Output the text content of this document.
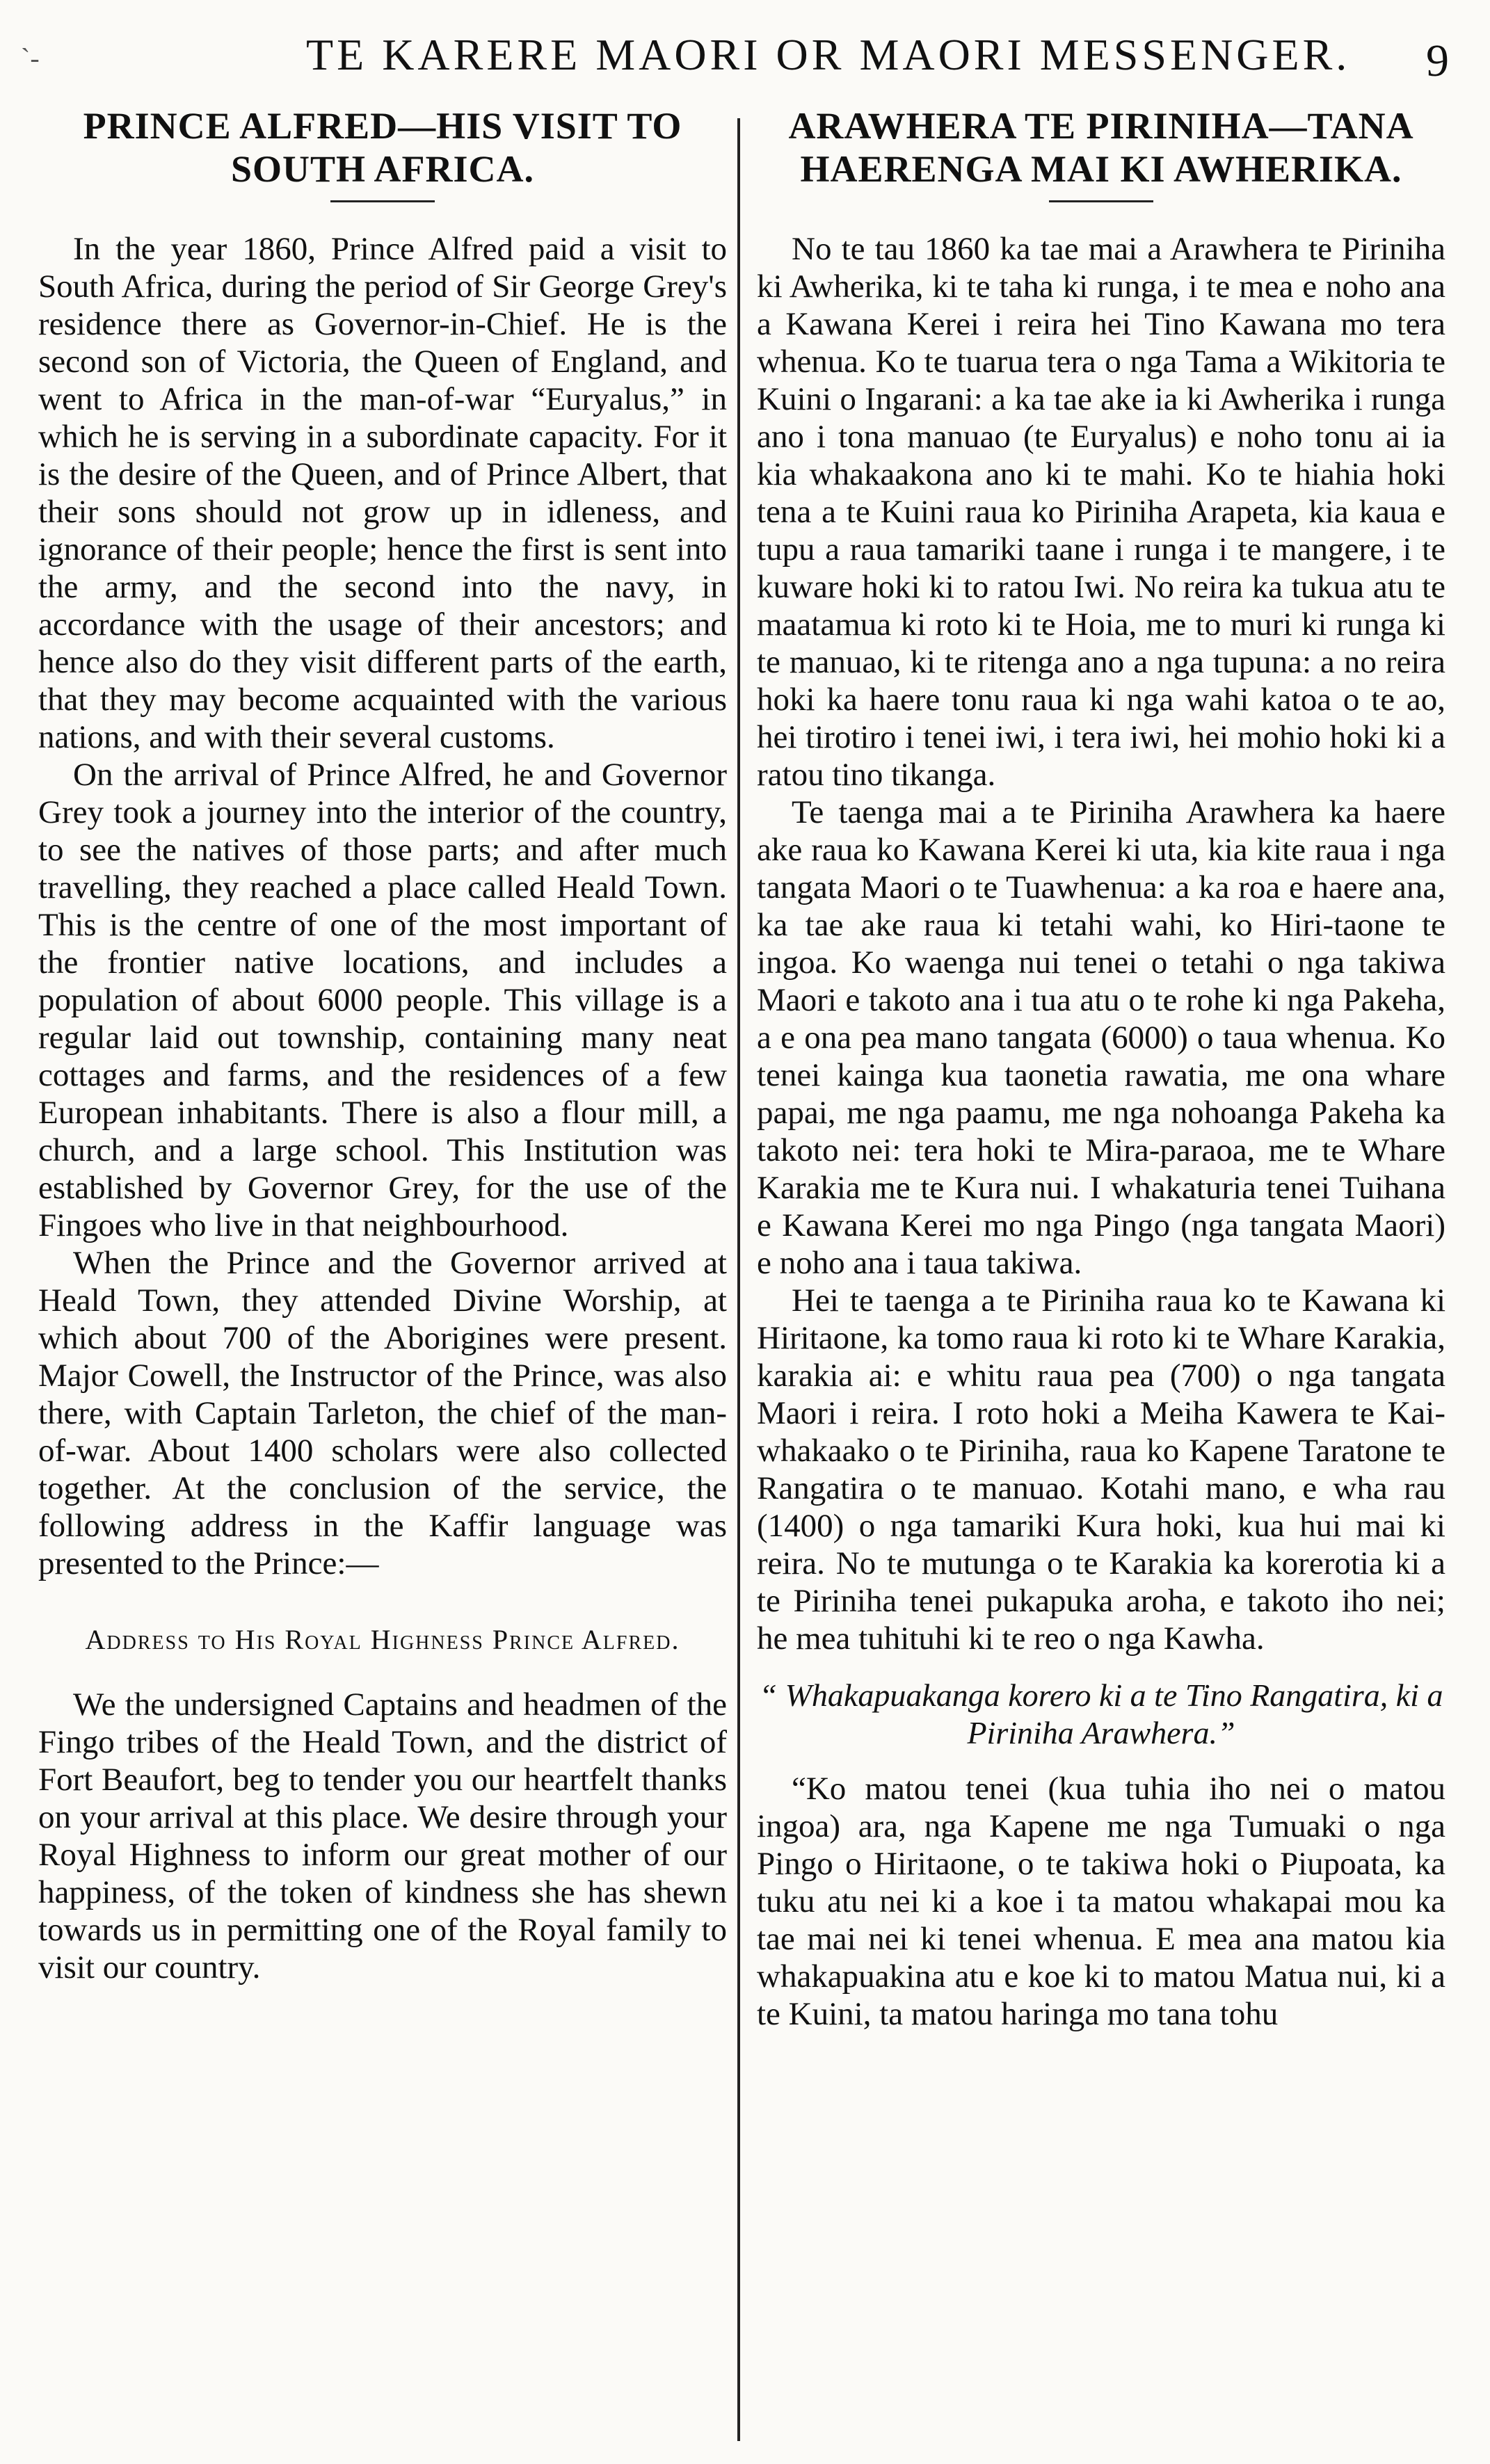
`-	TE KARERE MAORI OR MAORI MESSENGER. 9
PRINCE ALFRED—HIS VISIT TO SOUTH AFRICA.

In the year 1860, Prince Alfred paid a visit to South Africa, during the period of Sir George Grey's residence there as Governor-in-Chief. He is the second son of Victoria, the Queen of England, and went to Africa in the man-of-war “Euryalus,” in which he is serving in a subordinate capacity. For it is the desire of the Queen, and of Prince Albert, that their sons should not grow up in idleness, and ignorance of their people; hence the first is sent into the army, and the second into the navy, in accordance with the usage of their ancestors; and hence also do they visit different parts of the earth, that they may become acquainted with the various nations, and with their several customs.

On the arrival of Prince Alfred, he and Governor Grey took a journey into the interior of the country, to see the natives of those parts; and after much travelling, they reached a place called Heald Town. This is the centre of one of the most important of the frontier native locations, and includes a population of about 6000 people. This village is a regular laid out township, containing many neat cottages and farms, and the residences of a few European inhabitants. There is also a flour mill, a church, and a large school. This Institution was established by Governor Grey, for the use of the Fingoes who live in that neighbourhood.

When the Prince and the Governor arrived at Heald Town, they attended Divine Worship, at which about 700 of the Aborigines were present. Major Cowell, the Instructor of the Prince, was also there, with Captain Tarleton, the chief of the man-of-war. About 1400 scholars were also collected together. At the conclusion of the service, the following address in the Kaffir language was presented to the Prince:—

Address to His Royal Highness Prince Alfred.

We the undersigned Captains and headmen of the Fingo tribes of the Heald Town, and the district of Fort Beaufort, beg to tender you our heartfelt thanks on your arrival at this place. We desire through your Royal Highness to inform our great mother of our happiness, of the token of kindness she has shewn towards us in permitting one of the Royal family to visit our country.

ARAWHERA TE PIRINIHA—TANA HAERENGA MAI KI AWHERIKA.

No te tau 1860 ka tae mai a Arawhera te Piriniha ki Awherika, ki te taha ki runga, i te mea e noho ana a Kawana Kerei i reira hei Tino Kawana mo tera whenua. Ko te tuarua tera o nga Tama a Wikitoria te Kuini o Ingarani: a ka tae ake ia ki Awherika i runga ano i tona manuao (te Euryalus) e noho tonu ai ia kia whakaakona ano ki te mahi. Ko te hiahia hoki tena a te Kuini raua ko Piriniha Arapeta, kia kaua e tupu a raua tamariki taane i runga i te mangere, i te kuware hoki ki to ratou Iwi. No reira ka tukua atu te maatamua ki roto ki te Hoia, me to muri ki runga ki te manuao, ki te ritenga ano a nga tupuna: a no reira hoki ka haere tonu raua ki nga wahi katoa o te ao, hei tirotiro i tenei iwi, i tera iwi, hei mohio hoki ki a ratou tino tikanga.

Te taenga mai a te Piriniha Arawhera ka haere ake raua ko Kawana Kerei ki uta, kia kite raua i nga tangata Maori o te Tuawhenua: a ka roa e haere ana, ka tae ake raua ki tetahi wahi, ko Hiri-taone te ingoa. Ko waenga nui tenei o tetahi o nga takiwa Maori e takoto ana i tua atu o te rohe ki nga Pakeha, a e ona pea mano tangata (6000) o taua whenua. Ko tenei kainga kua taonetia rawatia, me ona whare papai, me nga paamu, me nga nohoanga Pakeha ka takoto nei: tera hoki te Mira-paraoa, me te Whare Karakia me te Kura nui. I whakaturia tenei Tuihana e Kawana Kerei mo nga Pingo (nga tangata Maori) e noho ana i taua takiwa.

Hei te taenga a te Piriniha raua ko te Kawana ki Hiritaone, ka tomo raua ki roto ki te Whare Karakia, karakia ai: e whitu raua pea (700) o nga tangata Maori i reira. I roto hoki a Meiha Kawera te Kai-whakaako o te Piriniha, raua ko Kapene Taratone te Rangatira o te manuao. Kotahi mano, e wha rau (1400) o nga tamariki Kura hoki, kua hui mai ki reira. No te mutunga o te Karakia ka korerotia ki a te Piriniha tenei pukapuka aroha, e takoto iho nei; he mea tuhituhi ki te reo o nga Kawha.

“ Whakapuakanga korero ki a te Tino Rangatira, ki a Piriniha Arawhera.”

“Ko matou tenei (kua tuhia iho nei o matou ingoa) ara, nga Kapene me nga Tumuaki o nga Pingo o Hiritaone, o te takiwa hoki o Piupoata, ka tuku atu nei ki a koe i ta matou whakapai mou ka tae mai nei ki tenei whenua. E mea ana matou kia whakapuakina atu e koe ki to matou Matua nui, ki a te Kuini, ta matou haringa mo tana tohu
